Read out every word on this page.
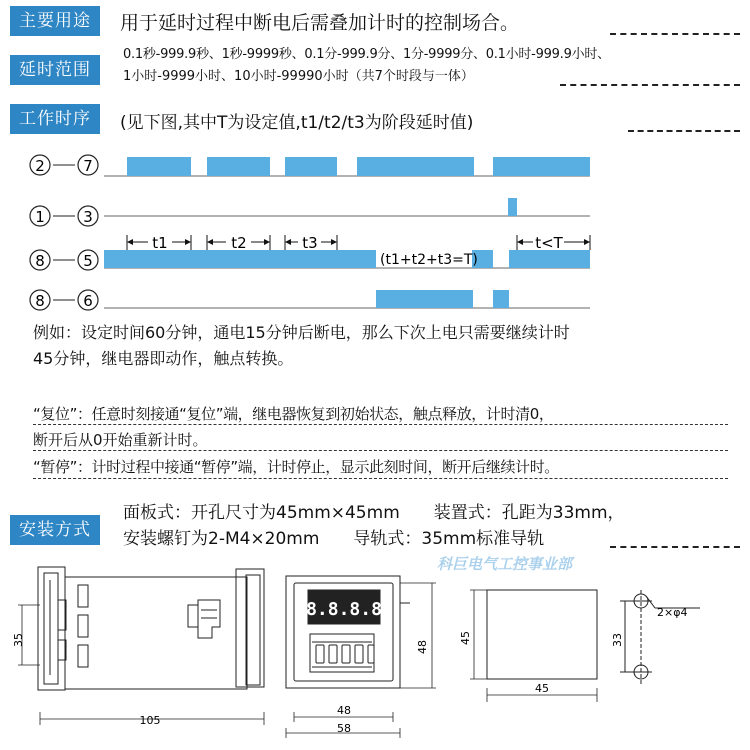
主要用途	用于延时过程中断电后需叠加计时的控制场合。
延时范围
0.1秒-999.9秒、1秒-9999秒、0.1分-999.9分、1分-9999分、0.1小时-999.9小时、
1小时-9999小时、10小时-99990小时（共7个时段与一体）
工作时序	(见下图,其中T为设定值,t1/t2/t3为阶段延时值)
2	7
1	3
8	5
8	6
t1	t2	t3	t<T
(t1+t2+t3=T)
例如：设定时间60分钟，通电15分钟后断电，那么下次上电只需要继续计时
45分钟，继电器即动作，触点转换。
“复位”：任意时刻接通“复位”端，继电器恢复到初始状态，触点释放，计时清0，
断开后从0开始重新计时。
“暂停”：计时过程中接通“暂停”端，计时停止，显示此刻时间，断开后继续计时。
安装方式
面板式：开孔尺寸为45mm×45mm　　装置式：孔距为33mm，
安装螺钉为2-M4×20mm　　导轨式：35mm标准导轨
科巨电气工控事业部
35
105
8.8.8.8
48
48
58
45
45
33
2×φ4
